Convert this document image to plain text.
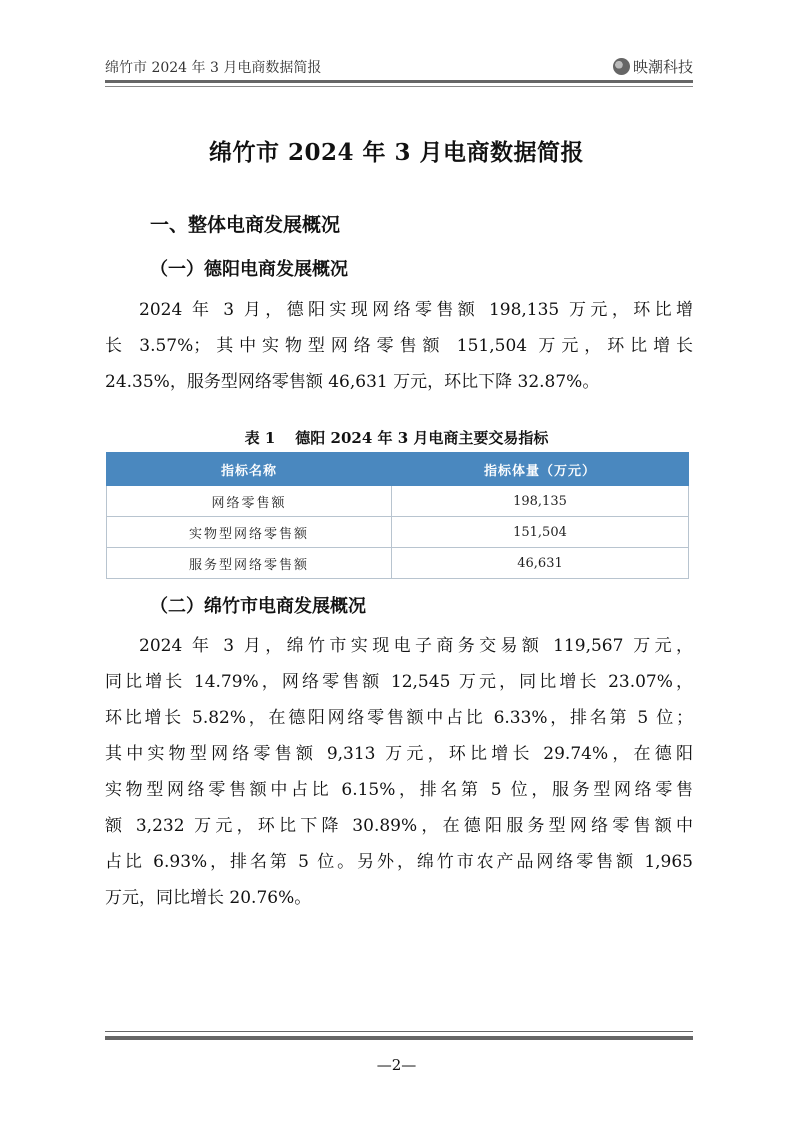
绵竹市 2024 年 3 月电商数据简报	映潮科技
绵竹市 2024 年 3 月电商数据简报
一、整体电商发展概况
（一）德阳电商发展概况
2024 年 3 月，德阳实现网络零售额 198,135 万元，环比增
长 3.57%；其中实物型网络零售额 151,504 万元，环比增长
24.35%，服务型网络零售额 46,631 万元，环比下降 32.87%。
表 1 德阳 2024 年 3 月电商主要交易指标
指标名称	指标体量（万元）
网络零售额	198,135
实物型网络零售额	151,504
服务型网络零售额	46,631
（二）绵竹市电商发展概况
2024 年 3 月，绵竹市实现电子商务交易额 119,567 万元，
同比增长 14.79%，网络零售额 12,545 万元，同比增长 23.07%，
环比增长 5.82%，在德阳网络零售额中占比 6.33%，排名第 5 位；
其中实物型网络零售额 9,313 万元，环比增长 29.74%，在德阳
实物型网络零售额中占比 6.15%，排名第 5 位，服务型网络零售
额 3,232 万元，环比下降 30.89%，在德阳服务型网络零售额中
占比 6.93%，排名第 5 位。另外，绵竹市农产品网络零售额 1,965
万元，同比增长 20.76%。
—2—
